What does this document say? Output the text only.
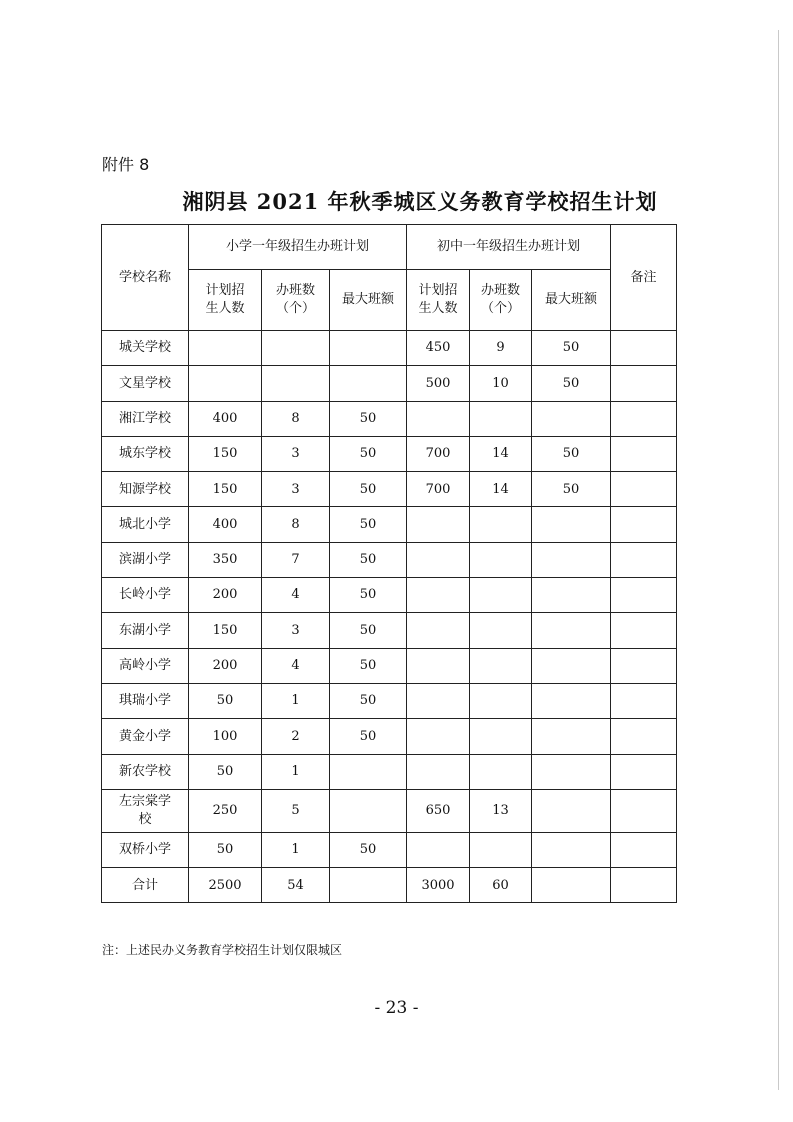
附件 8
湘阴县 2021 年秋季城区义务教育学校招生计划
学校名称	小学一年级招生办班计划			初中一年级招生办班计划			备注

	计划招生人数	办班数（个）	最大班额	计划招生人数	办班数（个）	最大班额	
城关学校				450	9	50	
文星学校				500	10	50	
湘江学校	400	8	50				
城东学校	150	3	50	700	14	50	
知源学校	150	3	50	700	14	50	
城北小学	400	8	50				
滨湖小学	350	7	50				
长岭小学	200	4	50				
东湖小学	150	3	50				
高岭小学	200	4	50				
琪瑞小学	50	1	50				
黄金小学	100	2	50				
新农学校	50	1					
左宗棠学校	250	5		650	13		
双桥小学	50	1	50				
合计	2500	54		3000	60		
注：上述民办义务教育学校招生计划仅限城区
- 23 -
